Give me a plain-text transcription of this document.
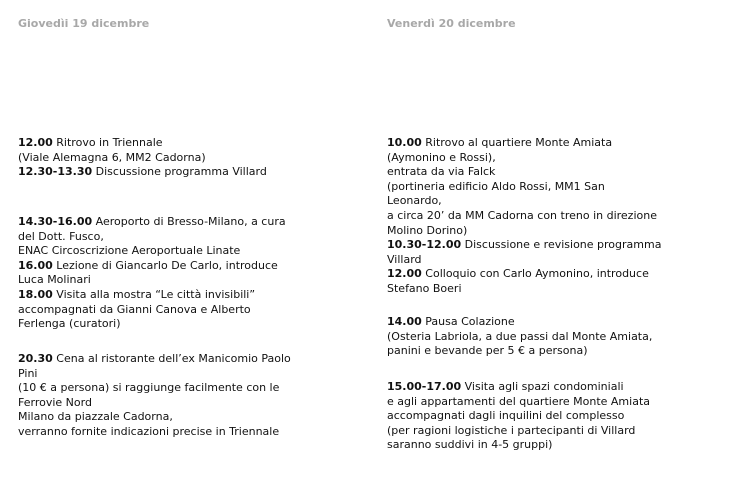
Giovedìi 19 dicembre
12.00 Ritrovo in Triennale
(Viale Alemagna 6, MM2 Cadorna)
12.30-13.30 Discussione programma Villard
14.30-16.00 Aeroporto di Bresso-Milano, a cura
del Dott. Fusco,
ENAC Circoscrizione Aeroportuale Linate
16.00 Lezione di Giancarlo De Carlo, introduce
Luca Molinari
18.00 Visita alla mostra “Le città invisibili”
accompagnati da Gianni Canova e Alberto
Ferlenga (curatori)
20.30 Cena al ristorante dell’ex Manicomio Paolo
Pini
(10 € a persona) si raggiunge facilmente con le
Ferrovie Nord
Milano da piazzale Cadorna,
verranno fornite indicazioni precise in Triennale
Venerdì 20 dicembre
10.00 Ritrovo al quartiere Monte Amiata
(Aymonino e Rossi),
entrata da via Falck
(portineria edificio Aldo Rossi, MM1 San
Leonardo,
a circa 20’ da MM Cadorna con treno in direzione
Molino Dorino)
10.30-12.00 Discussione e revisione programma
Villard
12.00 Colloquio con Carlo Aymonino, introduce
Stefano Boeri
14.00 Pausa Colazione
(Osteria Labriola, a due passi dal Monte Amiata,
panini e bevande per 5 € a persona)
15.00-17.00 Visita agli spazi condominiali
e agli appartamenti del quartiere Monte Amiata
accompagnati dagli inquilini del complesso
(per ragioni logistiche i partecipanti di Villard
saranno suddivi in 4-5 gruppi)
